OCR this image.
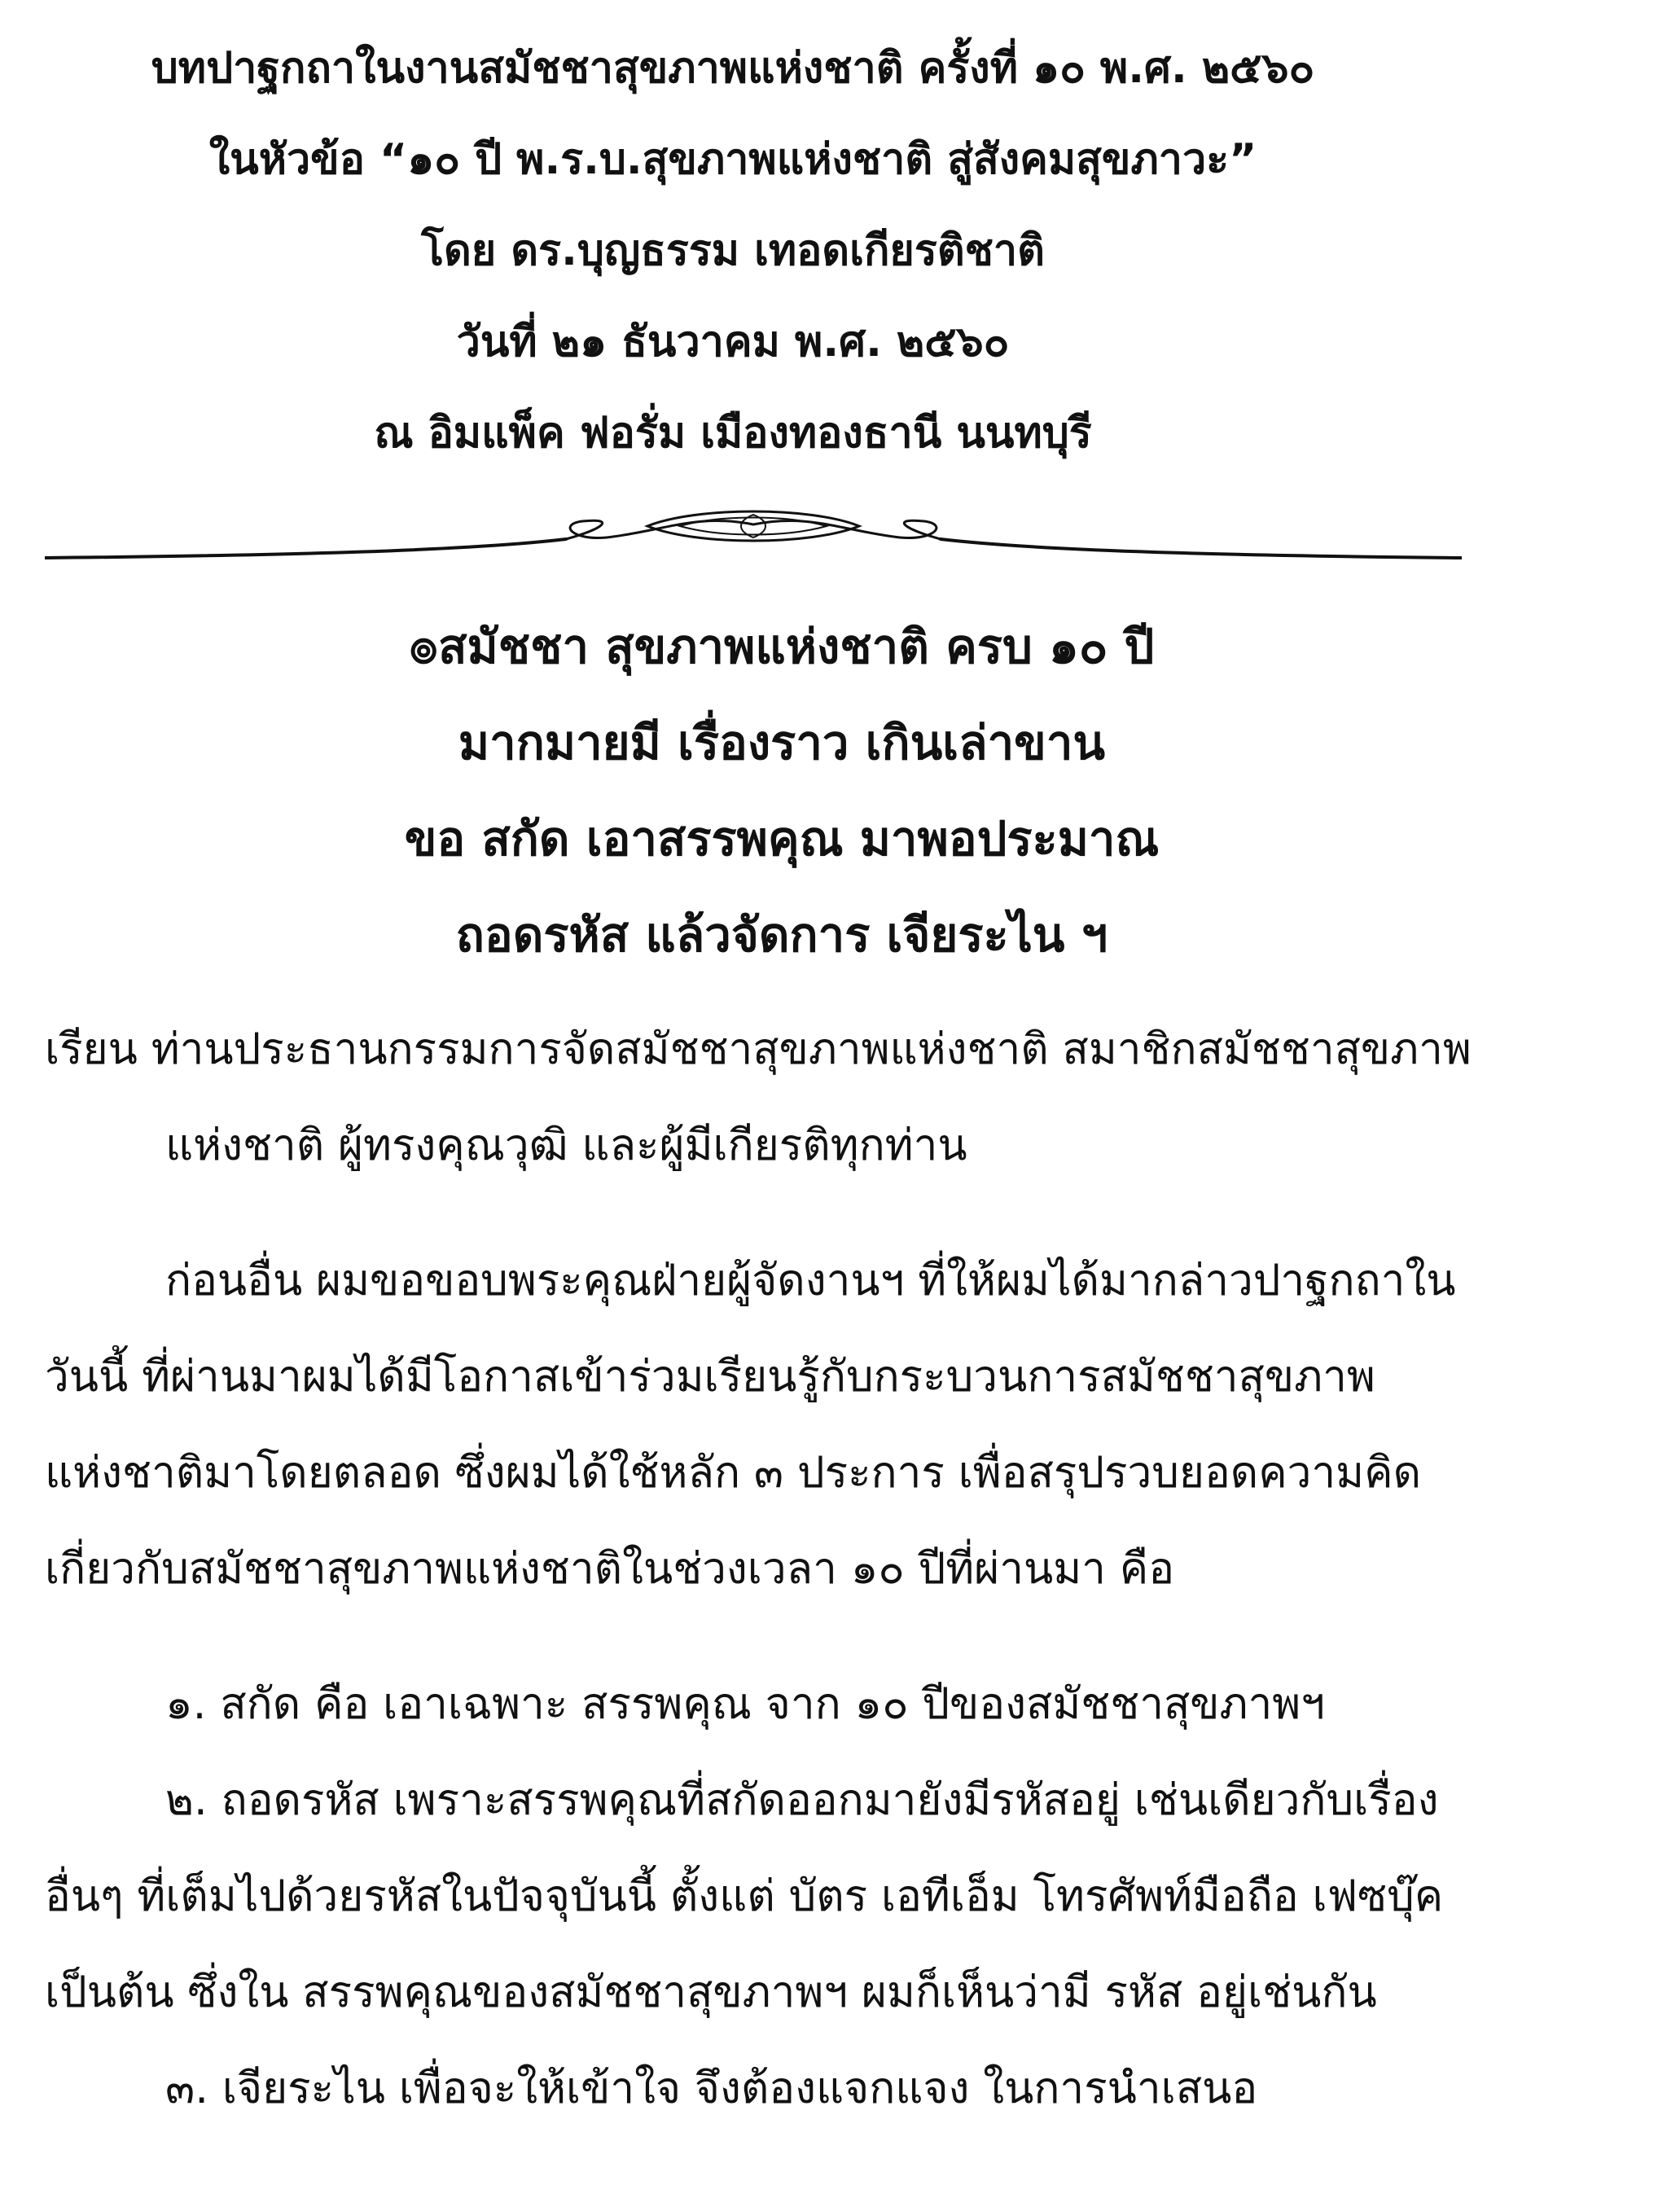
บทปาฐกถาในงานสมัชชาสุขภาพแห่งชาติ ครั้งที่ ๑๐ พ.ศ. ๒๕๖๐
ในหัวข้อ “๑๐ ปี พ.ร.บ.สุขภาพแห่งชาติ สู่สังคมสุขภาวะ”
โดย ดร.บุญธรรม เทอดเกียรติชาติ
วันที่ ๒๑ ธันวาคม พ.ศ. ๒๕๖๐
ณ อิมแพ็ค ฟอรั่ม เมืองทองธานี นนทบุรี
๏สมัชชา สุขภาพแห่งชาติ ครบ ๑๐ ปี
มากมายมี เรื่องราว เกินเล่าขาน
ขอ สกัด เอาสรรพคุณ มาพอประมาณ
ถอดรหัส แล้วจัดการ เจียระไน ฯ
เรียน ท่านประธานกรรมการจัดสมัชชาสุขภาพแห่งชาติ สมาชิกสมัชชาสุขภาพ
แห่งชาติ ผู้ทรงคุณวุฒิ และผู้มีเกียรติทุกท่าน
ก่อนอื่น ผมขอขอบพระคุณฝ่ายผู้จัดงานฯ ที่ให้ผมได้มากล่าวปาฐกถาใน
วันนี้ ที่ผ่านมาผมได้มีโอกาสเข้าร่วมเรียนรู้กับกระบวนการสมัชชาสุขภาพ
แห่งชาติมาโดยตลอด ซึ่งผมได้ใช้หลัก ๓ ประการ เพื่อสรุปรวบยอดความคิด
เกี่ยวกับสมัชชาสุขภาพแห่งชาติในช่วงเวลา ๑๐ ปีที่ผ่านมา คือ
๑. สกัด คือ เอาเฉพาะ สรรพคุณ จาก ๑๐ ปีของสมัชชาสุขภาพฯ
๒. ถอดรหัส เพราะสรรพคุณที่สกัดออกมายังมีรหัสอยู่ เช่นเดียวกับเรื่อง
อื่นๆ ที่เต็มไปด้วยรหัสในปัจจุบันนี้ ตั้งแต่ บัตร เอทีเอ็ม โทรศัพท์มือถือ เฟซบุ๊ค
เป็นต้น ซึ่งใน สรรพคุณของสมัชชาสุขภาพฯ ผมก็เห็นว่ามี รหัส อยู่เช่นกัน
๓. เจียระไน เพื่อจะให้เข้าใจ จึงต้องแจกแจง ในการนำเสนอ
